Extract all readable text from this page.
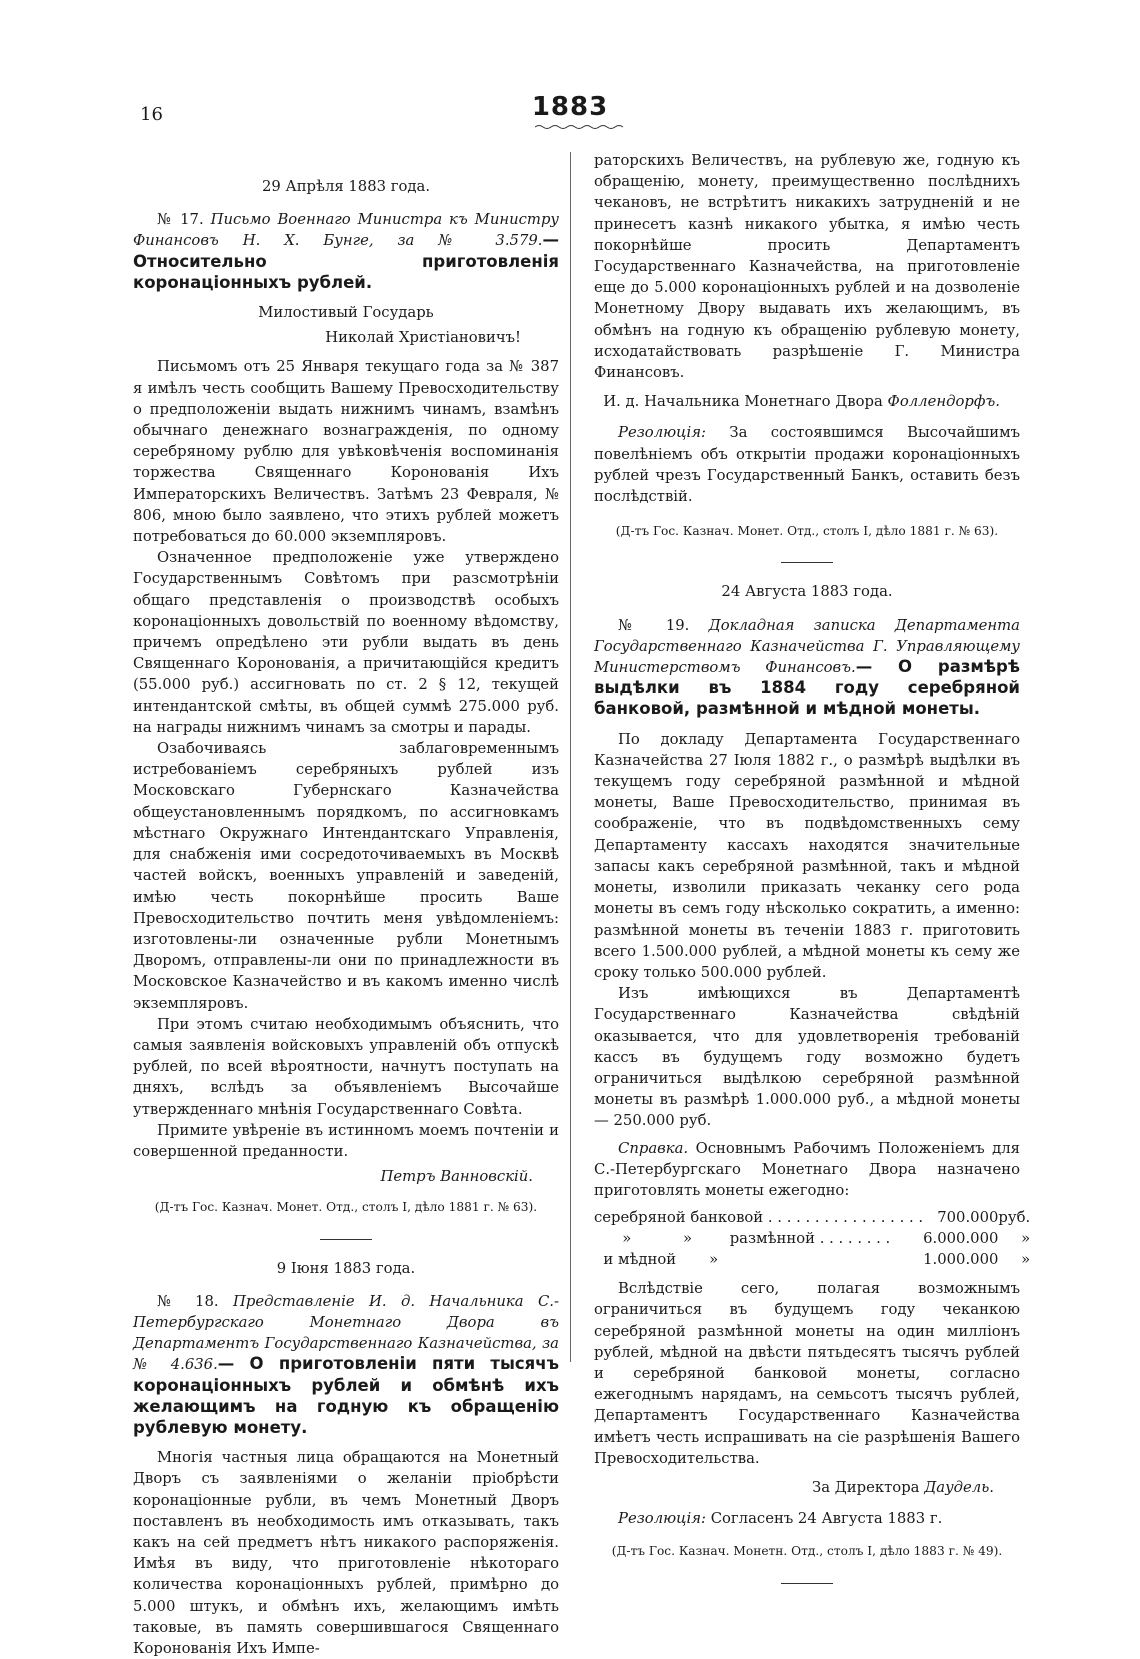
16	1883
29 Апрѣля 1883 года.
№ 17. Письмо Военнаго Министра къ Министру Финансовъ Н. Х. Бунге, за № 3.579.— Относительно приготовленія коронаціонныхъ рублей.

Милостивый Государь

Николай Христіановичъ!

Письмомъ отъ 25 Января текущаго года за № 387 я имѣлъ честь сообщить Вашему Превосходительству о предположеніи выдать нижнимъ чинамъ, взамѣнъ обычнаго денежнаго вознагражденія, по одному серебряному рублю для увѣковѣченія воспоминанія торжества Священнаго Коронованія Ихъ Императорскихъ Величествъ. Затѣмъ 23 Февраля, № 806, мною было заявлено, что этихъ рублей можетъ потребоваться до 60.000 экземпляровъ.

Означенное предположеніе уже утверждено Государственнымъ Совѣтомъ при разсмотрѣніи общаго представленія о производствѣ особыхъ коронаціонныхъ довольствій по военному вѣдомству, причемъ опредѣлено эти рубли выдать въ день Священнаго Коронованія, а причитающійся кредитъ (55.000 руб.) ассигновать по ст. 2 § 12, текущей интендантской смѣты, въ общей суммѣ 275.000 руб. на награды нижнимъ чинамъ за смотры и парады.

Озабочиваясь заблаговременнымъ истребованіемъ серебряныхъ рублей изъ Московскаго Губернскаго Казначейства общеустановленнымъ порядкомъ, по ассигновкамъ мѣстнаго Окружнаго Интендантскаго Управленія, для снабженія ими сосредоточиваемыхъ въ Москвѣ частей войскъ, военныхъ управленій и заведеній, имѣю честь покорнѣйше просить Ваше Превосходительство почтить меня увѣдомленіемъ: изготовлены-ли означенные рубли Монетнымъ Дворомъ, отправлены-ли они по принадлежности въ Московское Казначейство и въ какомъ именно числѣ экземпляровъ.

При этомъ считаю необходимымъ объяснить, что самыя заявленія войсковыхъ управленій объ отпускѣ рублей, по всей вѣроятности, начнутъ поступать на дняхъ, вслѣдъ за объявленіемъ Высочайше утвержденнаго мнѣнія Государственнаго Совѣта.

Примите увѣреніе въ истинномъ моемъ почтеніи и совершенной преданности.

Петръ Ванновскій.

(Д-тъ Гос. Казнач. Монет. Отд., столъ I, дѣло 1881 г. № 63).

9 Іюня 1883 года.
№ 18. Представленіе И. д. Начальника С.-Петербургскаго Монетнаго Двора въ Департаментъ Государственнаго Казначейства, за № 4.636.— О приготовленіи пяти тысячъ коронаціонныхъ рублей и обмѣнѣ ихъ желающимъ на годную къ обращенію рублевую монету.

Многія частныя лица обращаются на Монетный Дворъ съ заявленіями о желаніи пріобрѣсти коронаціонные рубли, въ чемъ Монетный Дворъ поставленъ въ необходимость имъ отказывать, такъ какъ на сей предметъ нѣтъ никакого распоряженія. Имѣя въ виду, что приготовленіе нѣкотораго количества коронаціонныхъ рублей, примѣрно до 5.000 штукъ, и обмѣнъ ихъ, желающимъ имѣть таковые, въ память совершившагося Священнаго Коронованія Ихъ Импе-

раторскихъ Величествъ, на рублевую же, годную къ обращенію, монету, преимущественно послѣднихъ чекановъ, не встрѣтитъ никакихъ затрудненій и не принесетъ казнѣ никакого убытка, я имѣю честь покорнѣйше просить Департаментъ Государственнаго Казначейства, на приготовленіе еще до 5.000 коронаціонныхъ рублей и на дозволеніе Монетному Двору выдавать ихъ желающимъ, въ обмѣнъ на годную къ обращенію рублевую монету, исходатайствовать разрѣшеніе Г. Министра Финансовъ.

И. д. Начальника Монетнаго Двора Фоллендорфъ.

Резолюція: За состоявшимся Высочайшимъ повелѣніемъ объ открытіи продажи коронаціонныхъ рублей чрезъ Государственный Банкъ, оставить безъ послѣдствій.

(Д-тъ Гос. Казнач. Монет. Отд., столъ I, дѣло 1881 г. № 63).

24 Августа 1883 года.
№ 19. Докладная записка Департамента Государственнаго Казначейства Г. Управляющему Министерствомъ Финансовъ.— О размѣрѣ выдѣлки въ 1884 году серебряной банковой, размѣнной и мѣдной монеты.

По докладу Департамента Государственнаго Казначейства 27 Іюля 1882 г., о размѣрѣ выдѣлки въ текущемъ году серебряной размѣнной и мѣдной монеты, Ваше Превосходительство, принимая въ соображеніе, что въ подвѣдомственныхъ сему Департаменту кассахъ находятся значительные запасы какъ серебряной размѣнной, такъ и мѣдной монеты, изволили приказать чеканку сего рода монеты въ семъ году нѣсколько сократить, а именно: размѣнной монеты въ теченіи 1883 г. приготовить всего 1.500.000 рублей, а мѣдной монеты къ сему же сроку только 500.000 рублей.

Изъ имѣющихся въ Департаментѣ Государственнаго Казначейства свѣдѣній оказывается, что для удовлетворенія требованій кассъ въ будущемъ году возможно будетъ ограничиться выдѣлкою серебряной размѣнной монеты въ размѣрѣ 1.000.000 руб., а мѣдной монеты — 250.000 руб.

Справка. Основнымъ Рабочимъ Положеніемъ для С.-Петербургскаго Монетнаго Двора назначено приготовлять монеты ежегодно:

серебряной банковой . . . . . . . . . . . . . . . . .	700.000	руб.
»           »        размѣнной . . . . . . . .	6.000.000	»
и мѣдной       »	1.000.000	»

Вслѣдствіе сего, полагая возможнымъ ограничиться въ будущемъ году чеканкою серебряной размѣнной монеты на один милліонъ рублей, мѣдной на двѣсти пятьдесятъ тысячъ рублей и серебряной банковой монеты, согласно ежегоднымъ нарядамъ, на семьсотъ тысячъ рублей, Департаментъ Государственнаго Казначейства имѣетъ честь испрашивать на сіе разрѣшенія Вашего Превосходительства.

За Директора Даудель.

Резолюція: Согласенъ 24 Августа 1883 г.

(Д-тъ Гос. Казнач. Монетн. Отд., столъ I, дѣло 1883 г. № 49).
